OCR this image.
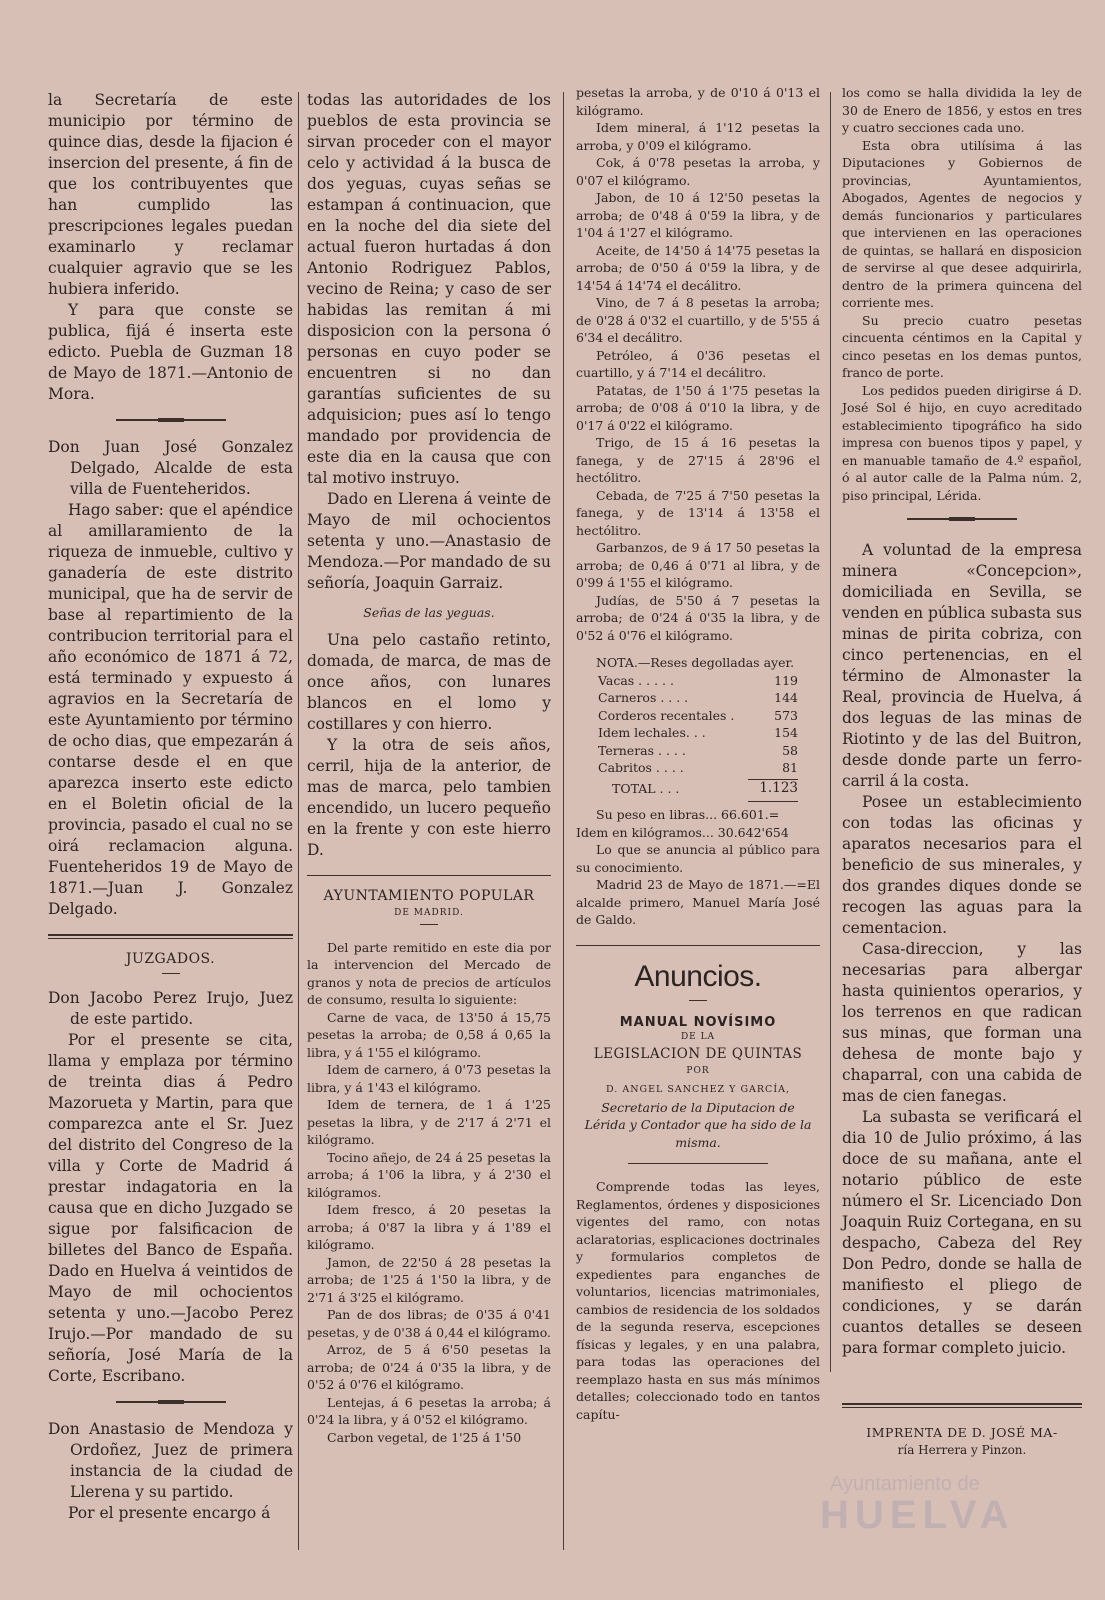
la Secretaría de este municipio por término de quince dias, desde la fijacion é insercion del presente, á fin de que los contribuyentes que han cumplido las prescripciones legales puedan examinarlo y reclamar cualquier agravio que se les hubiera inferido.

Y para que conste se publica, fijá é inserta este edicto. Puebla de Guzman 18 de Mayo de 1871.—Antonio de Mora.

Don Juan José Gonzalez Delgado, Alcalde de esta villa de Fuenteheridos.

Hago saber: que el apéndice al amillaramiento de la riqueza de inmueble, cultivo y ganadería de este distrito municipal, que ha de servir de base al repartimiento de la contribucion territorial para el año económico de 1871 á 72, está terminado y expuesto á agravios en la Secretaría de este Ayuntamiento por término de ocho dias, que empezarán á contarse desde el en que aparezca inserto este edicto en el Boletin oficial de la provincia, pasado el cual no se oirá reclamacion alguna. Fuenteheridos 19 de Mayo de 1871.—Juan J. Gonzalez Delgado.

JUZGADOS.

Don Jacobo Perez Irujo, Juez de este partido.

Por el presente se cita, llama y emplaza por término de treinta dias á Pedro Mazorueta y Martin, para que comparezca ante el Sr. Juez del distrito del Congreso de la villa y Corte de Madrid á prestar indagatoria en la causa que en dicho Juzgado se sigue por falsificacion de billetes del Banco de España. Dado en Huelva á veintidos de Mayo de mil ochocientos setenta y uno.—Jacobo Perez Irujo.—Por mandado de su señoría, José María de la Corte, Escribano.

Don Anastasio de Mendoza y Ordoñez, Juez de primera instancia de la ciudad de Llerena y su partido.

Por el presente encargo á

todas las autoridades de los pueblos de esta provincia se sirvan proceder con el mayor celo y actividad á la busca de dos yeguas, cuyas señas se estampan á continuacion, que en la noche del dia siete del actual fueron hurtadas á don Antonio Rodriguez Pablos, vecino de Reina; y caso de ser habidas las remitan á mi disposicion con la persona ó personas en cuyo poder se encuentren si no dan garantías suficientes de su adquisicion; pues así lo tengo mandado por providencia de este dia en la causa que con tal motivo instruyo.

Dado en Llerena á veinte de Mayo de mil ochocientos setenta y uno.—Anastasio de Mendoza.—Por mandado de su señoría, Joaquin Garraiz.

Señas de las yeguas.

Una pelo castaño retinto, domada, de marca, de mas de once años, con lunares blancos en el lomo y costillares y con hierro.

Y la otra de seis años, cerril, hija de la anterior, de mas de marca, pelo tambien encendido, un lucero pequeño en la frente y con este hierro D.

AYUNTAMIENTO POPULAR
DE MADRID.

Del parte remitido en este dia por la intervencion del Mercado de granos y nota de precios de artículos de consumo, resulta lo siguiente:

Carne de vaca, de 13'50 á 15,75 pesetas la arroba; de 0,58 á 0,65 la libra, y á 1'55 el kilógramo.

Idem de carnero, á 0'73 pesetas la libra, y á 1'43 el kilógramo.

Idem de ternera, de 1 á 1'25 pesetas la libra, y de 2'17 á 2'71 el kilógramo.

Tocino añejo, de 24 á 25 pesetas la arroba; á 1'06 la libra, y á 2'30 el kilógramos.

Idem fresco, á 20 pesetas la arroba; á 0'87 la libra y á 1'89 el kilógramo.

Jamon, de 22'50 á 28 pesetas la arroba; de 1'25 á 1'50 la libra, y de 2'71 á 3'25 el kilógramo.

Pan de dos libras; de 0'35 á 0'41 pesetas, y de 0'38 á 0,44 el kilógramo.

Arroz, de 5 á 6'50 pesetas la arroba; de 0'24 á 0'35 la libra, y de 0'52 á 0'76 el kilógramo.

Lentejas, á 6 pesetas la arroba; á 0'24 la libra, y á 0'52 el kilógramo.

Carbon vegetal, de 1'25 á 1'50

pesetas la arroba, y de 0'10 á 0'13 el kilógramo.

Idem mineral, á 1'12 pesetas la arroba, y 0'09 el kilógramo.

Cok, á 0'78 pesetas la arroba, y 0'07 el kilógramo.

Jabon, de 10 á 12'50 pesetas la arroba; de 0'48 á 0'59 la libra, y de 1'04 á 1'27 el kilógramo.

Aceite, de 14'50 á 14'75 pesetas la arroba; de 0'50 á 0'59 la libra, y de 14'54 á 14'74 el decálitro.

Vino, de 7 á 8 pesetas la arroba; de 0'28 á 0'32 el cuartillo, y de 5'55 á 6'34 el decálitro.

Petróleo, á 0'36 pesetas el cuartillo, y á 7'14 el decálitro.

Patatas, de 1'50 á 1'75 pesetas la arroba; de 0'08 á 0'10 la libra, y de 0'17 á 0'22 el kilógramo.

Trigo, de 15 á 16 pesetas la fanega, y de 27'15 á 28'96 el hectólitro.

Cebada, de 7'25 á 7'50 pesetas la fanega, y de 13'14 á 13'58 el hectólitro.

Garbanzos, de 9 á 17 50 pesetas la arroba; de 0,46 á 0'71 al libra, y de 0'99 á 1'55 el kilógramo.

Judías, de 5'50 á 7 pesetas la arroba; de 0'24 á 0'35 la libra, y de 0'52 á 0'76 el kilógramo.

NOTA.—Reses degolladas ayer.

Vacas . . . . .	119
Carneros . . . .	144
Corderos recentales .	573
Idem lechales. . .	154
Terneras . . . .	58
Cabritos . . . .	81

TOTAL . . .	1.123

Su peso en libras... 66.601.=

Idem en kilógramos... 30.642'654

Lo que se anuncia al público para su conocimiento.

Madrid 23 de Mayo de 1871.—=El alcalde primero, Manuel María José de Galdo.

Anuncios.
MANUAL NOVÍSIMO
DE LA
LEGISLACION DE QUINTAS
POR
D. ANGEL SANCHEZ Y GARCÍA,

Secretario de la Diputacion de Lérida y Contador que ha sido de la misma.

Comprende todas las leyes, Reglamentos, órdenes y disposiciones vigentes del ramo, con notas aclaratorias, esplicaciones doctrinales y formularios completos de expedientes para enganches de voluntarios, licencias matrimoniales, cambios de residencia de los soldados de la segunda reserva, escepciones físicas y legales, y en una palabra, para todas las operaciones del reemplazo hasta en sus más mínimos detalles; coleccionado todo en tantos capítu-

los como se halla dividida la ley de 30 de Enero de 1856, y estos en tres y cuatro secciones cada uno.

Esta obra utilísima á las Diputaciones y Gobiernos de provincias, Ayuntamientos, Abogados, Agentes de negocios y demás funcionarios y particulares que intervienen en las operaciones de quintas, se hallará en disposicion de servirse al que desee adquirirla, dentro de la primera quincena del corriente mes.

Su precio cuatro pesetas cincuenta céntimos en la Capital y cinco pesetas en los demas puntos, franco de porte.

Los pedidos pueden dirigirse á D. José Sol é hijo, en cuyo acreditado establecimiento tipográfico ha sido impresa con buenos tipos y papel, y en manuable tamaño de 4.º español, ó al autor calle de la Palma núm. 2, piso principal, Lérida.

A voluntad de la empresa minera «Concepcion», domiciliada en Sevilla, se venden en pública subasta sus minas de pirita cobriza, con cinco pertenencias, en el término de Almonaster la Real, provincia de Huelva, á dos leguas de las minas de Riotinto y de las del Buitron, desde donde parte un ferro-carril á la costa.

Posee un establecimiento con todas las oficinas y aparatos necesarios para el beneficio de sus minerales, y dos grandes diques donde se recogen las aguas para la cementacion.

Casa-direccion, y las necesarias para albergar hasta quinientos operarios, y los terrenos en que radican sus minas, que forman una dehesa de monte bajo y chaparral, con una cabida de mas de cien fanegas.

La subasta se verificará el dia 10 de Julio próximo, á las doce de su mañana, ante el notario público de este número el Sr. Licenciado Don Joaquin Ruiz Cortegana, en su despacho, Cabeza del Rey Don Pedro, donde se halla de manifiesto el pliego de condiciones, y se darán cuantos detalles se deseen para formar completo juicio.

IMPRENTA DE D. JOSÉ MA-
ría Herrera y Pinzon.
Ayuntamiento de
HUELVA
